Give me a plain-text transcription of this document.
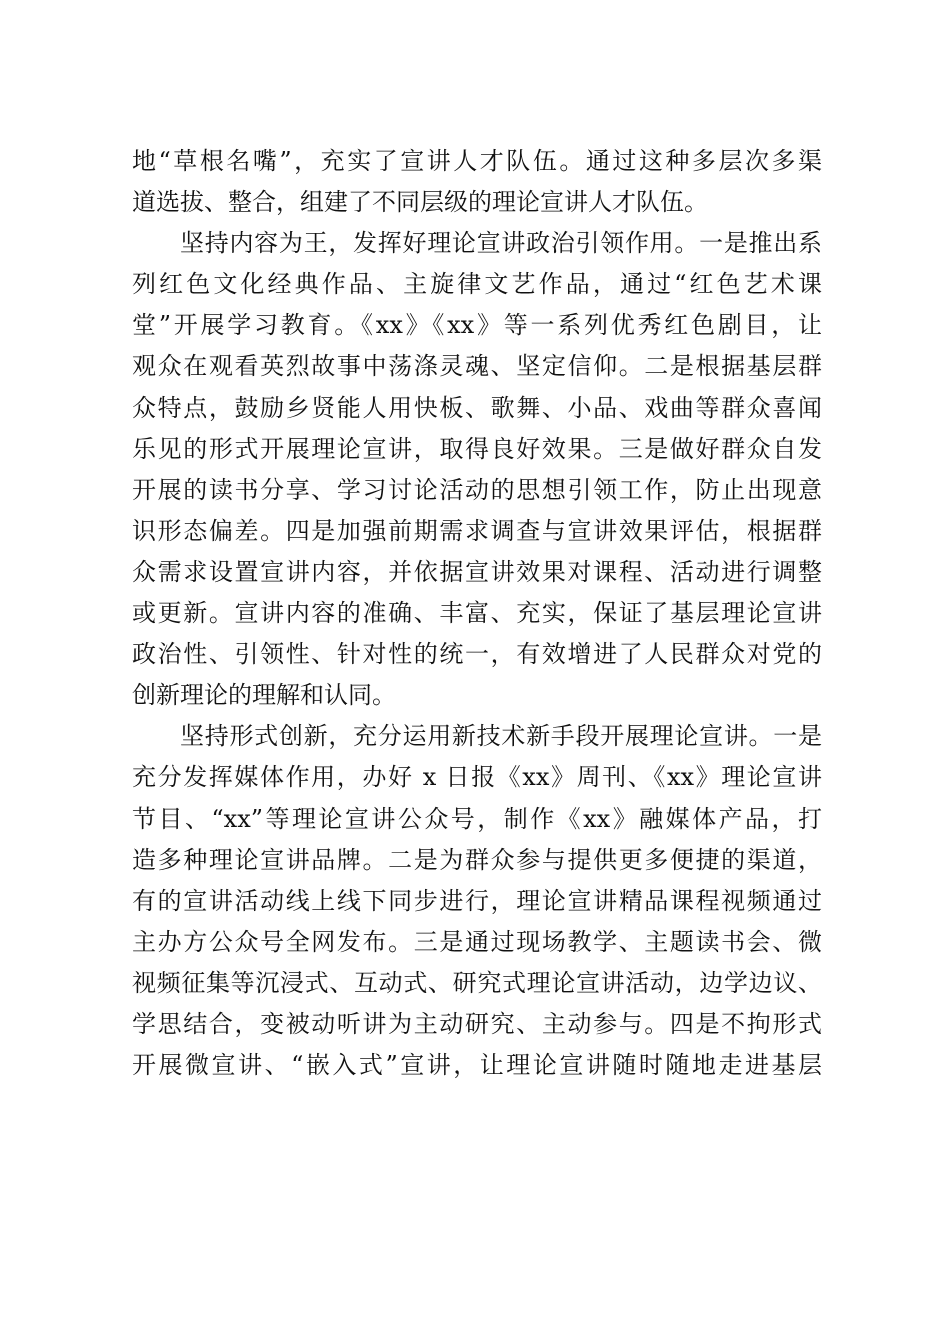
地“草根名嘴”，充实了宣讲人才队伍。通过这种多层次多渠
道选拔、整合，组建了不同层级的理论宣讲人才队伍。
坚持内容为王，发挥好理论宣讲政治引领作用。一是推出系
列红色文化经典作品、主旋律文艺作品，通过“红色艺术课
堂”开展学习教育。《xx》《xx》等一系列优秀红色剧目，让
观众在观看英烈故事中荡涤灵魂、坚定信仰。二是根据基层群
众特点，鼓励乡贤能人用快板、歌舞、小品、戏曲等群众喜闻
乐见的形式开展理论宣讲，取得良好效果。三是做好群众自发
开展的读书分享、学习讨论活动的思想引领工作，防止出现意
识形态偏差。四是加强前期需求调查与宣讲效果评估，根据群
众需求设置宣讲内容，并依据宣讲效果对课程、活动进行调整
或更新。宣讲内容的准确、丰富、充实，保证了基层理论宣讲
政治性、引领性、针对性的统一，有效增进了人民群众对党的
创新理论的理解和认同。
坚持形式创新，充分运用新技术新手段开展理论宣讲。一是
充分发挥媒体作用，办好 x 日报《xx》周刊、《xx》理论宣讲
节目、“xx”等理论宣讲公众号，制作《xx》融媒体产品，打
造多种理论宣讲品牌。二是为群众参与提供更多便捷的渠道，
有的宣讲活动线上线下同步进行，理论宣讲精品课程视频通过
主办方公众号全网发布。三是通过现场教学、主题读书会、微
视频征集等沉浸式、互动式、研究式理论宣讲活动，边学边议、
学思结合，变被动听讲为主动研究、主动参与。四是不拘形式
开展微宣讲、“嵌入式”宣讲，让理论宣讲随时随地走进基层
